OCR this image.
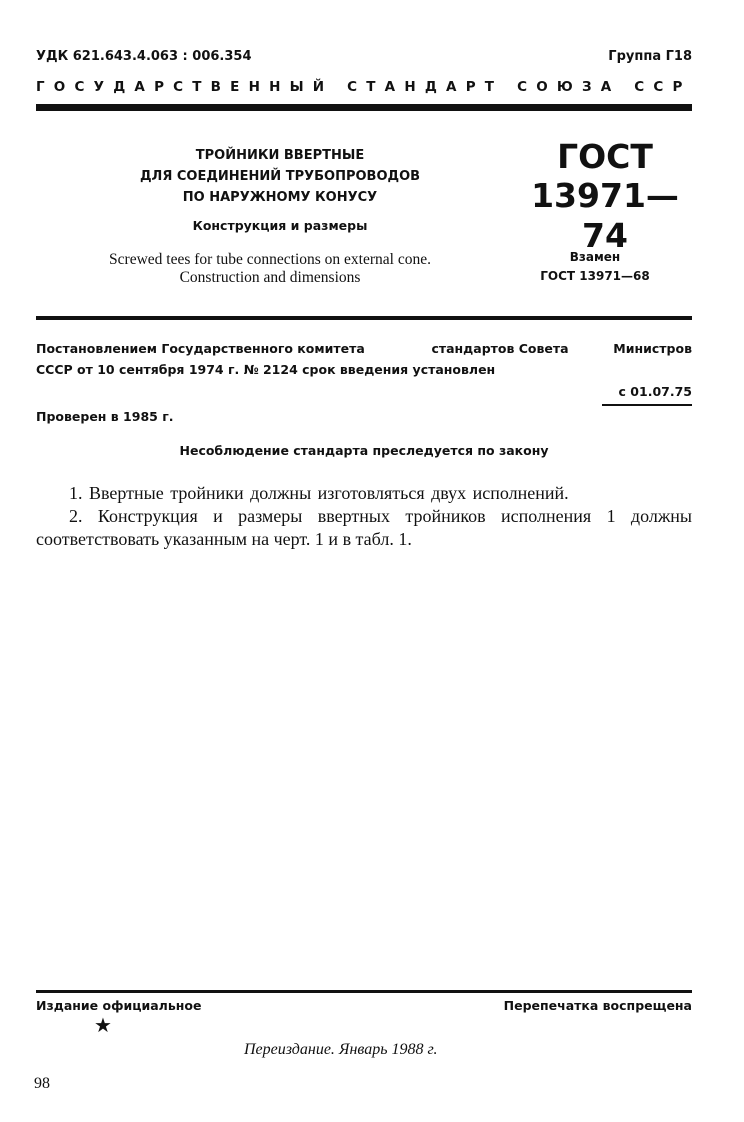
УДК 621.643.4.063 : 006.354	Группа Г18
ГОСУДАРСТВЕННЫЙ СТАНДАРТ СОЮЗА ССР
ТРОЙНИКИ ВВЕРТНЫЕ
ДЛЯ СОЕДИНЕНИЙ ТРУБОПРОВОДОВ
ПО НАРУЖНОМУ КОНУСУ
Конструкция и размеры
Screwed tees for tube connections on external cone.
Construction and dimensions
ГОСТ
13971—74
Взамен
ГОСТ 13971—68
Постановлением Государственного комитета	стандартов Совета	Министров
СССР от 10 сентября 1974 г. № 2124 срок введения установлен
с 01.07.75
Проверен в 1985 г.
Несоблюдение стандарта преследуется по закону
1. Ввертные тройники должны изготовляться двух исполнений.
2. Конструкция и размеры ввертных тройников исполнения 1 должны соответствовать указанным на черт. 1 и в табл. 1.
Издание официальное	Перепечатка воспрещена
★
Переиздание. Январь 1988 г.
98
